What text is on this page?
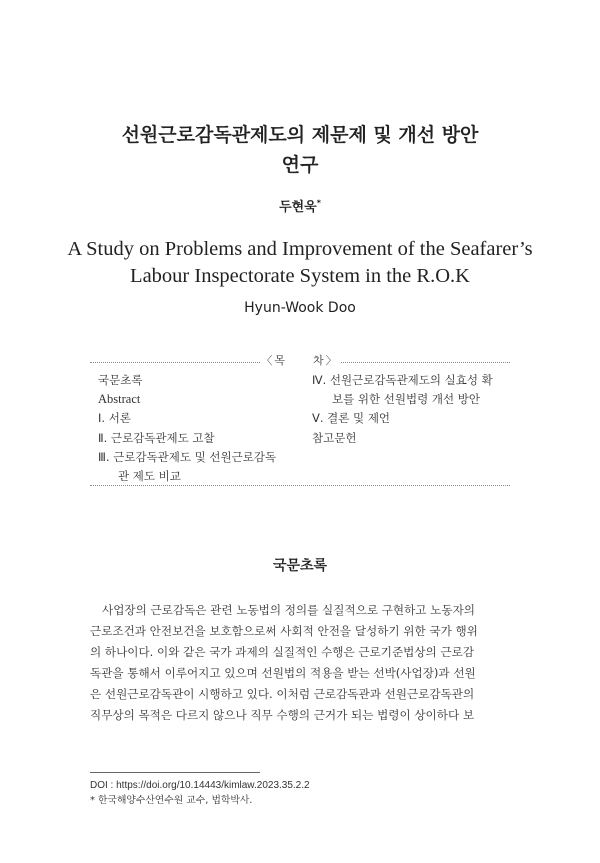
선원근로감독관제도의 제문제 및 개선 방안
연구
두현욱*
A Study on Problems and Improvement of the Seafarer’s
Labour Inspectorate System in the R.O.K
Hyun-Wook Doo
〈목　　차〉
국문초록
Abstract
Ⅰ. 서론
Ⅱ. 근로감독관제도 고찰
Ⅲ. 근로감독관제도 및 선원근로감독
관 제도 비교
Ⅳ. 선원근로감독관제도의 실효성 확
보를 위한 선원법령 개선 방안
Ⅴ. 결론 및 제언
참고문헌
국문초록
사업장의 근로감독은 관련 노동법의 정의를 실질적으로 구현하고 노동자의
근로조건과 안전보건을 보호함으로써 사회적 안전을 달성하기 위한 국가 행위
의 하나이다. 이와 같은 국가 과제의 실질적인 수행은 근로기준법상의 근로감
독관을 통해서 이루어지고 있으며 선원법의 적용을 받는 선박(사업장)과 선원
은 선원근로감독관이 시행하고 있다. 이처럼 근로감독관과 선원근로감독관의
직무상의 목적은 다르지 않으나 직무 수행의 근거가 되는 법령이 상이하다 보
DOI : https://doi.org/10.14443/kimlaw.2023.35.2.2
* 한국해양수산연수원 교수, 법학박사.
